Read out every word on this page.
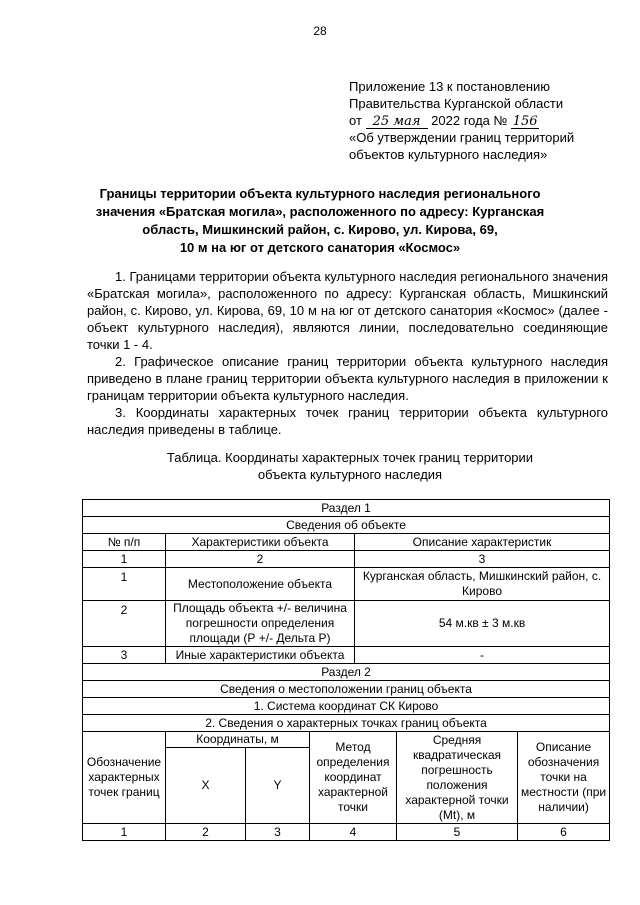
28
Приложение 13 к постановлению
Правительства Курганской области
от 25 мая 2022 года № 156
«Об утверждении границ территорий
объектов культурного наследия»
Границы территории объекта культурного наследия регионального
значения «Братская могила», расположенного по адресу: Курганская
область, Мишкинский район, с. Кирово, ул. Кирова, 69,
10 м на юг от детского санатория «Космос»

1. Границами территории объекта культурного наследия регионального значения «Братская могила», расположенного по адресу: Курганская область, Мишкинский район, с. Кирово, ул. Кирова, 69, 10 м на юг от детского санатория «Космос» (далее - объект культурного наследия), являются линии, последовательно соединяющие точки 1 - 4.

2. Графическое описание границ территории объекта культурного наследия приведено в плане границ территории объекта культурного наследия в приложении к границам территории объекта культурного наследия.

3. Координаты характерных точек границ территории объекта культурного наследия приведены в таблице.

Таблица. Координаты характерных точек границ территории
объекта культурного наследия
Раздел 1						
Сведения об объекте						
№ п/п	Характеристики объекта			Описание характеристик		
1	2			3		
1	Местоположение объекта			Курганская область, Мишкинский район, с. Кирово		
2	Площадь объекта +/- величина погрешности определения площади (Р +/- Дельта Р)			54 м.кв ± 3 м.кв		
3	Иные характеристики объекта			-		
Раздел 2						
Сведения о местоположении границ объекта						
1. Система координат СК Кирово						
2. Сведения о характерных точках границ объекта						
Обозначение характерных точек границ	Координаты, м		Метод определения координат характерной точки		Средняя квадратическая погрешность положения характерной точки (Mt), м	Описание обозначения точки на местности (при наличии)
	X	Y				
1	2	3	4		5	6
